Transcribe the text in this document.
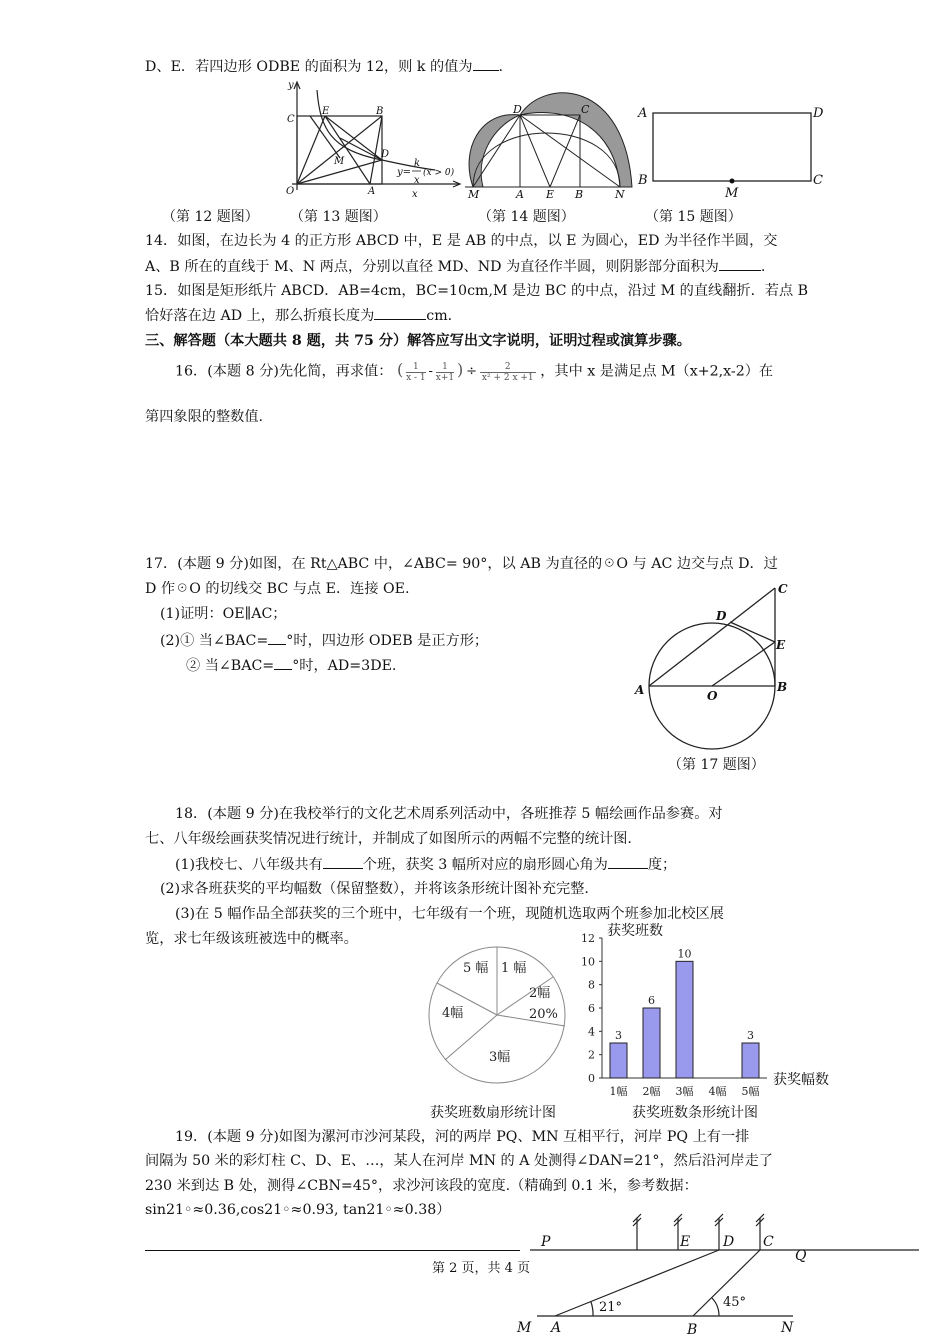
D、E．若四边形 ODBE 的面积为 12，则 k 的值为 .
y
C
E	B
M
D
O	A
y=
k
x
(x > 0)
x
D	C
M	A E B	N
A	D
B	C
M
（第 12 题图） （第 13 题图）	（第 14 题图）	（第 15 题图）
14．如图，在边长为 4 的正方形 ABCD 中，E 是 AB 的中点，以 E 为圆心，ED 为半径作半圆，交
A、B 所在的直线于 M、N 两点，分别以直径 MD、ND 为直径作半圆，则阴影部分面积为	.
15．如图是矩形纸片 ABCD．AB=4cm，BC=10cm,M 是边 BC 的中点，沿过 M 的直线翻折．若点 B
恰好落在边 AD 上，那么折痕长度为	cm．
三、解答题（本大题共 8 题，共 75 分）解答应写出文字说明，证明过程或演算步骤。
16．(本题 8 分)先化简，再求值： ( $\frac{1}{x - 1} - \frac{1}{x+1}$ ) ÷ $\frac{2}{\text{x² + 2 x +1}}$ ，其中 x 是满足点 M（x+2,x-2）在
第四象限的整数值.
17．(本题 9 分)如图，在 Rt△ABC 中，∠ABC= 90°，以 AB 为直径的☉O 与 AC 边交与点 D．过
D 作☉O 的切线交 BC 与点 E．连接 OE.
(1)证明：OE∥AC；
(2)① 当∠BAC= °时，四边形 ODEB 是正方形；
② 当∠BAC= °时，AD=3DE.
C
D
E
A	O
B
（第 17 题图）
18．(本题 9 分)在我校举行的文化艺术周系列活动中，各班推荐 5 幅绘画作品参赛。对
七、八年级绘画获奖情况进行统计，并制成了如图所示的两幅不完整的统计图.
(1)我校七、八年级共有	个班，获奖 3 幅所对应的扇形圆心角为	度；
(2)求各班获奖的平均幅数（保留整数），并将该条形统计图补充完整.
(3)在 5 幅作品全部获奖的三个班中，七年级有一个班，现随机选取两个班参加北校区展
览，求七年级该班被选中的概率。
5 幅 1 幅
2幅
20%
4幅
3幅
获奖班数扇形统计图
0
2
4
6
8
10
12
3
1幅
6
2幅
10
3幅 4幅
3
5幅
获奖班数
获奖幅数
获奖班数条形统计图
19．(本题 9 分)如图为漯河市沙河某段，河的两岸 PQ、MN 互相平行，河岸 PQ 上有一排
间隔为 50 米的彩灯柱 C、D、E、…，某人在河岸 MN 的 A 处测得∠DAN=21°，然后沿河岸走了
230 米到达 B 处，测得∠CBN=45°，求沙河该段的宽度.（精确到 0.1 米，参考数据：
sin21◦≈0.36,cos21◦≈0.93, tan21◦≈0.38）
P	E D C
Q
M A	B	N
21°	45°
第 2 页，共 4 页
